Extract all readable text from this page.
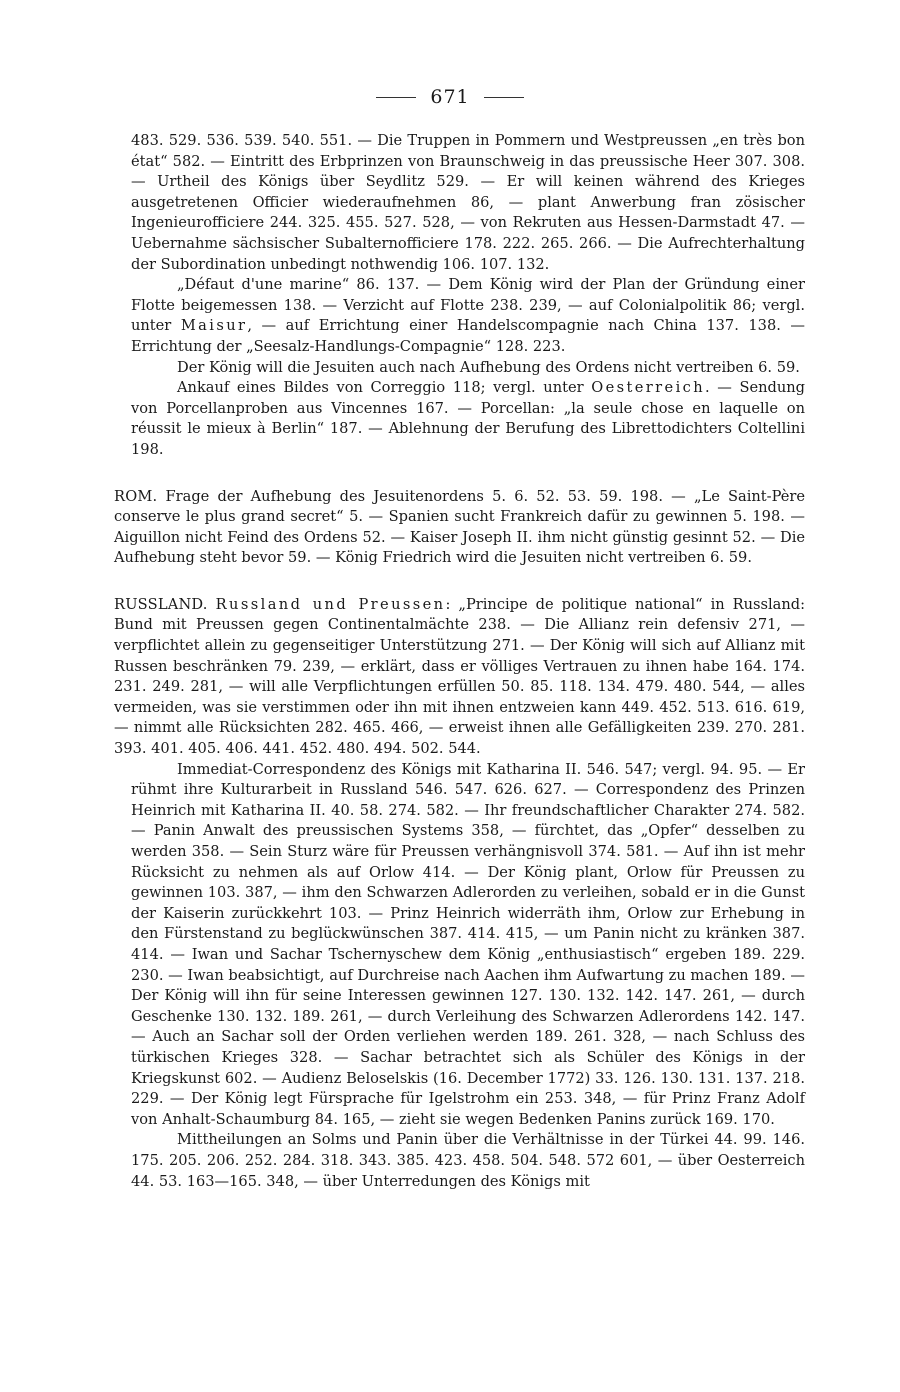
671

483. 529. 536. 539. 540. 551. — Die Truppen in Pommern und Westpreussen „en très bon état“ 582. — Eintritt des Erbprinzen von Braunschweig in das preussische Heer 307. 308. — Urtheil des Königs über Seydlitz 529. — Er will keinen während des Krieges ausgetretenen Officier wiederaufnehmen 86, — plant Anwerbung fran zösischer Ingenieurofficiere 244. 325. 455. 527. 528, — von Rekruten aus Hessen-Darmstadt 47. — Uebernahme sächsischer Subalternofficiere 178. 222. 265. 266. — Die Aufrechterhaltung der Subordination unbedingt nothwendig 106. 107. 132.

„Défaut d'une marine“ 86. 137. — Dem König wird der Plan der Gründung einer Flotte beigemessen 138. — Verzicht auf Flotte 238. 239, — auf Colonialpolitik 86; vergl. unter Maisur, — auf Errichtung einer Handelscompagnie nach China 137. 138. — Errichtung der „Seesalz-Handlungs-Compagnie“ 128. 223.

Der König will die Jesuiten auch nach Aufhebung des Ordens nicht vertreiben 6. 59.

Ankauf eines Bildes von Correggio 118; vergl. unter Oesterreich. — Sendung von Porcellanproben aus Vincennes 167. — Porcellan: „la seule chose en laquelle on réussit le mieux à Berlin“ 187. — Ablehnung der Berufung des Librettodichters Coltellini 198.

ROM. Frage der Aufhebung des Jesuitenordens 5. 6. 52. 53. 59. 198. — „Le Saint-Père conserve le plus grand secret“ 5. — Spanien sucht Frankreich dafür zu gewinnen 5. 198. — Aiguillon nicht Feind des Ordens 52. — Kaiser Joseph II. ihm nicht günstig gesinnt 52. — Die Aufhebung steht bevor 59. — König Friedrich wird die Jesuiten nicht vertreiben 6. 59.

RUSSLAND. Russland und Preussen: „Principe de politique national“ in Russland: Bund mit Preussen gegen Continentalmächte 238. — Die Allianz rein defensiv 271, — verpflichtet allein zu gegenseitiger Unterstützung 271. — Der König will sich auf Allianz mit Russen beschränken 79. 239, — erklärt, dass er völliges Vertrauen zu ihnen habe 164. 174. 231. 249. 281, — will alle Verpflichtungen erfüllen 50. 85. 118. 134. 479. 480. 544, — alles vermeiden, was sie verstimmen oder ihn mit ihnen entzweien kann 449. 452. 513. 616. 619, — nimmt alle Rücksichten 282. 465. 466, — erweist ihnen alle Gefälligkeiten 239. 270. 281. 393. 401. 405. 406. 441. 452. 480. 494. 502. 544.

Immediat-Correspondenz des Königs mit Katharina II. 546. 547; vergl. 94. 95. — Er rühmt ihre Kulturarbeit in Russland 546. 547. 626. 627. — Correspondenz des Prinzen Heinrich mit Katharina II. 40. 58. 274. 582. — Ihr freundschaftlicher Charakter 274. 582. — Panin Anwalt des preussischen Systems 358, — fürchtet, das „Opfer“ desselben zu werden 358. — Sein Sturz wäre für Preussen verhängnisvoll 374. 581. — Auf ihn ist mehr Rücksicht zu nehmen als auf Orlow 414. — Der König plant, Orlow für Preussen zu gewinnen 103. 387, — ihm den Schwarzen Adlerorden zu verleihen, sobald er in die Gunst der Kaiserin zurückkehrt 103. — Prinz Heinrich widerräth ihm, Orlow zur Erhebung in den Fürstenstand zu beglückwünschen 387. 414. 415, — um Panin nicht zu kränken 387. 414. — Iwan und Sachar Tschernyschew dem König „enthusiastisch“ ergeben 189. 229. 230. — Iwan beabsichtigt, auf Durchreise nach Aachen ihm Aufwartung zu machen 189. — Der König will ihn für seine Interessen gewinnen 127. 130. 132. 142. 147. 261, — durch Geschenke 130. 132. 189. 261, — durch Verleihung des Schwarzen Adlerordens 142. 147. — Auch an Sachar soll der Orden verliehen werden 189. 261. 328, — nach Schluss des türkischen Krieges 328. — Sachar betrachtet sich als Schüler des Königs in der Kriegskunst 602. — Audienz Beloselskis (16. December 1772) 33. 126. 130. 131. 137. 218. 229. — Der König legt Fürsprache für Igelstrohm ein 253. 348, — für Prinz Franz Adolf von Anhalt-Schaumburg 84. 165, — zieht sie wegen Bedenken Panins zurück 169. 170.

Mittheilungen an Solms und Panin über die Verhältnisse in der Türkei 44. 99. 146. 175. 205. 206. 252. 284. 318. 343. 385. 423. 458. 504. 548. 572 601, — über Oesterreich 44. 53. 163—165. 348, — über Unterredungen des Königs mit
